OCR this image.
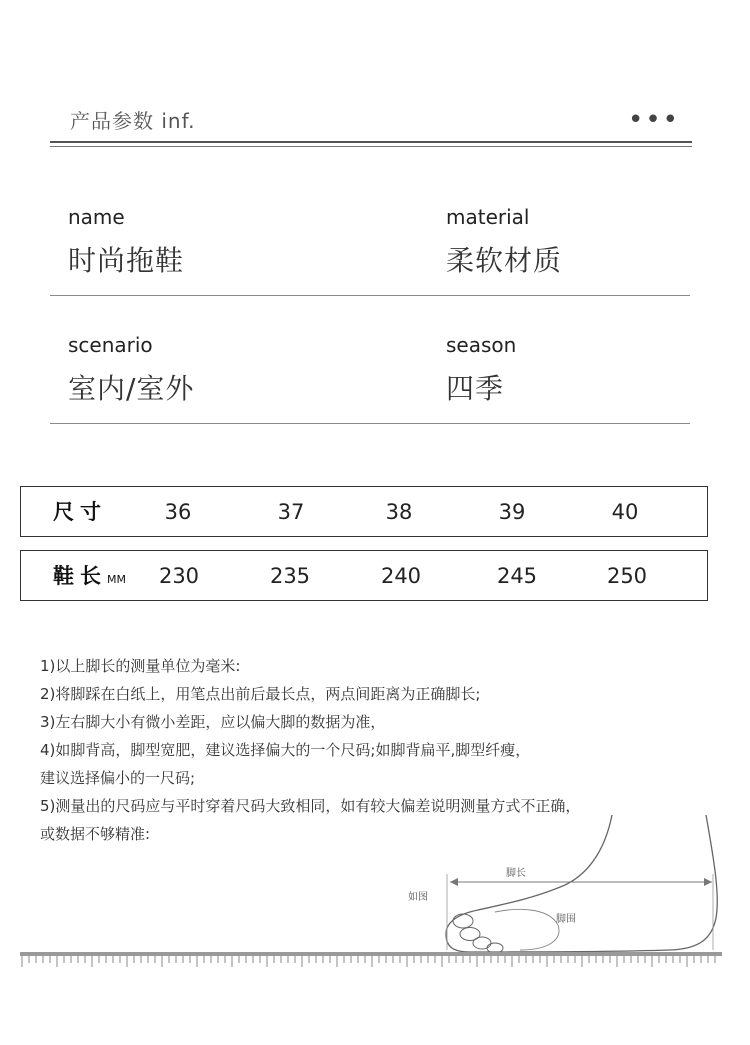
产品参数 inf.	•••
name
时尚拖鞋
material
柔软材质
scenario
室内/室外
season
四季
尺寸	36	37	38	39	40
鞋长MM	230	235	240	245	250
1)以上脚长的测量单位为毫米:
2)将脚踩在白纸上，用笔点出前后最长点，两点间距离为正确脚长;
3)左右脚大小有微小差距，应以偏大脚的数据为准，
4)如脚背高，脚型宽肥，建议选择偏大的一个尺码;如脚背扁平,脚型纤瘦，
建议选择偏小的一尺码;
5)测量出的尺码应与平时穿着尺码大致相同，如有较大偏差说明测量方式不正确，
或数据不够精准:
脚长
如图
脚围
